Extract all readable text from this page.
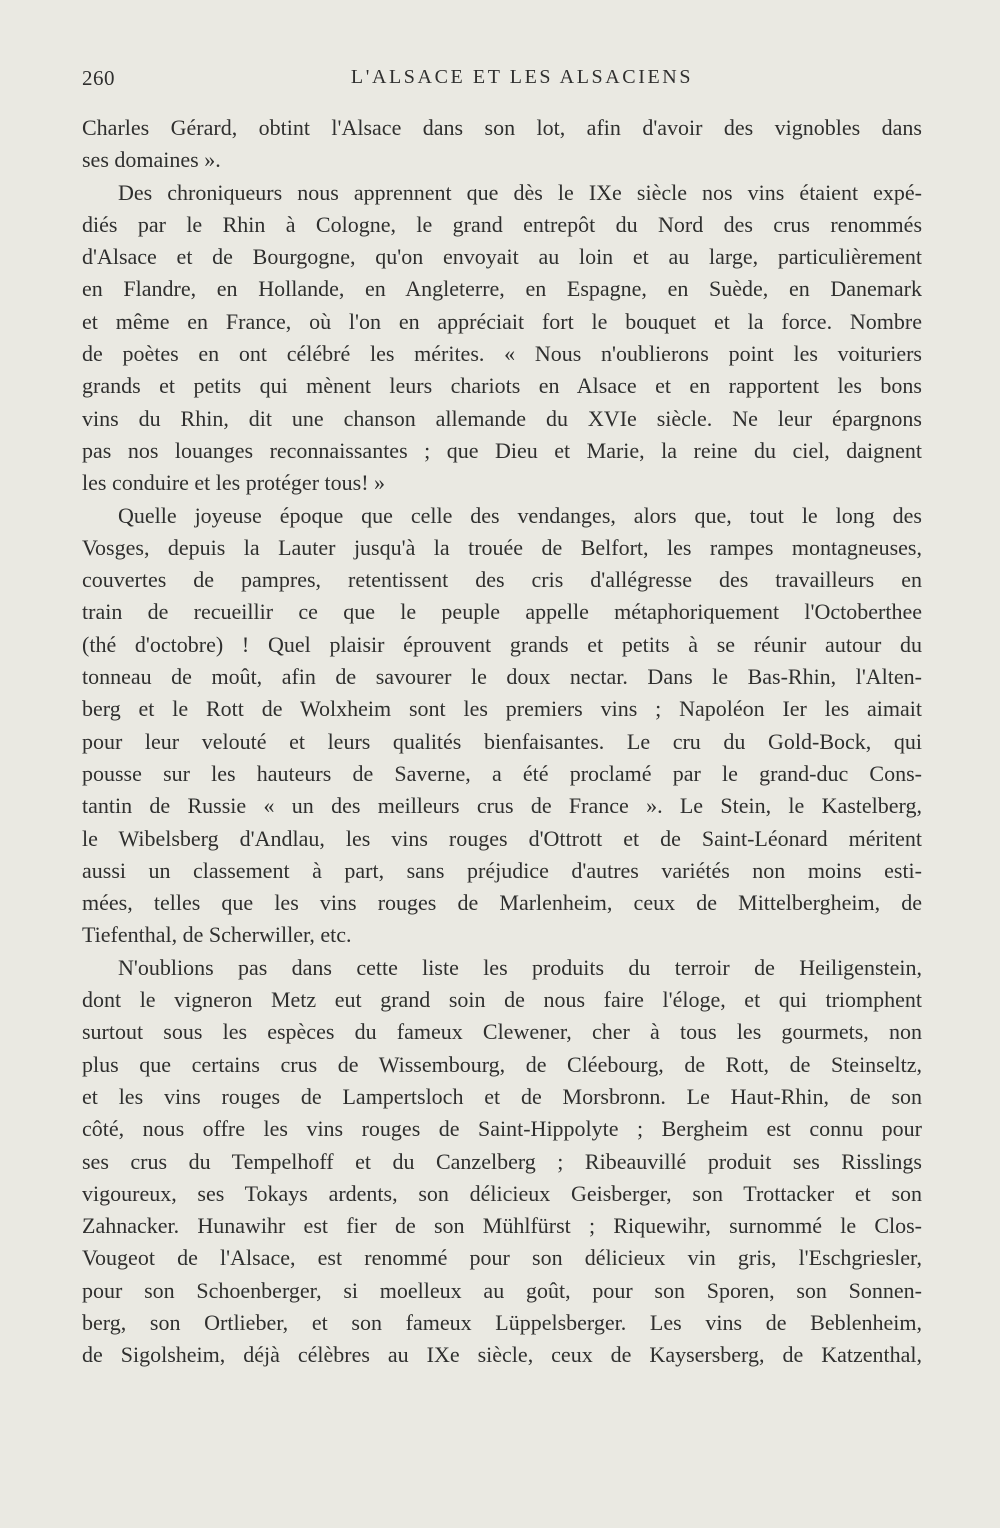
260	L'ALSACE ET LES ALSACIENS
Charles Gérard, obtint l'Alsace dans son lot, afin d'avoir des vignobles dans
ses domaines ».
Des chroniqueurs nous apprennent que dès le IXe siècle nos vins étaient expé-
diés par le Rhin à Cologne, le grand entrepôt du Nord des crus renommés
d'Alsace et de Bourgogne, qu'on envoyait au loin et au large, particulièrement
en Flandre, en Hollande, en Angleterre, en Espagne, en Suède, en Danemark
et même en France, où l'on en appréciait fort le bouquet et la force. Nombre
de poètes en ont célébré les mérites. « Nous n'oublierons point les voituriers
grands et petits qui mènent leurs chariots en Alsace et en rapportent les bons
vins du Rhin, dit une chanson allemande du XVIe siècle. Ne leur épargnons
pas nos louanges reconnaissantes ; que Dieu et Marie, la reine du ciel, daignent
les conduire et les protéger tous! »
Quelle joyeuse époque que celle des vendanges, alors que, tout le long des
Vosges, depuis la Lauter jusqu'à la trouée de Belfort, les rampes montagneuses,
couvertes de pampres, retentissent des cris d'allégresse des travailleurs en
train de recueillir ce que le peuple appelle métaphoriquement l'Octoberthee
(thé d'octobre) ! Quel plaisir éprouvent grands et petits à se réunir autour du
tonneau de moût, afin de savourer le doux nectar. Dans le Bas-Rhin, l'Alten-
berg et le Rott de Wolxheim sont les premiers vins ; Napoléon Ier les aimait
pour leur velouté et leurs qualités bienfaisantes. Le cru du Gold-Bock, qui
pousse sur les hauteurs de Saverne, a été proclamé par le grand-duc Cons-
tantin de Russie « un des meilleurs crus de France ». Le Stein, le Kastelberg,
le Wibelsberg d'Andlau, les vins rouges d'Ottrott et de Saint-Léonard méritent
aussi un classement à part, sans préjudice d'autres variétés non moins esti-
mées, telles que les vins rouges de Marlenheim, ceux de Mittelbergheim, de
Tiefenthal, de Scherwiller, etc.
N'oublions pas dans cette liste les produits du terroir de Heiligenstein,
dont le vigneron Metz eut grand soin de nous faire l'éloge, et qui triomphent
surtout sous les espèces du fameux Clewener, cher à tous les gourmets, non
plus que certains crus de Wissembourg, de Cléebourg, de Rott, de Steinseltz,
et les vins rouges de Lampertsloch et de Morsbronn. Le Haut-Rhin, de son
côté, nous offre les vins rouges de Saint-Hippolyte ; Bergheim est connu pour
ses crus du Tempelhoff et du Canzelberg ; Ribeauvillé produit ses Risslings
vigoureux, ses Tokays ardents, son délicieux Geisberger, son Trottacker et son
Zahnacker. Hunawihr est fier de son Mühlfürst ; Riquewihr, surnommé le Clos-
Vougeot de l'Alsace, est renommé pour son délicieux vin gris, l'Eschgriesler,
pour son Schoenberger, si moelleux au goût, pour son Sporen, son Sonnen-
berg, son Ortlieber, et son fameux Lüppelsberger. Les vins de Beblenheim,
de Sigolsheim, déjà célèbres au IXe siècle, ceux de Kaysersberg, de Katzenthal,
